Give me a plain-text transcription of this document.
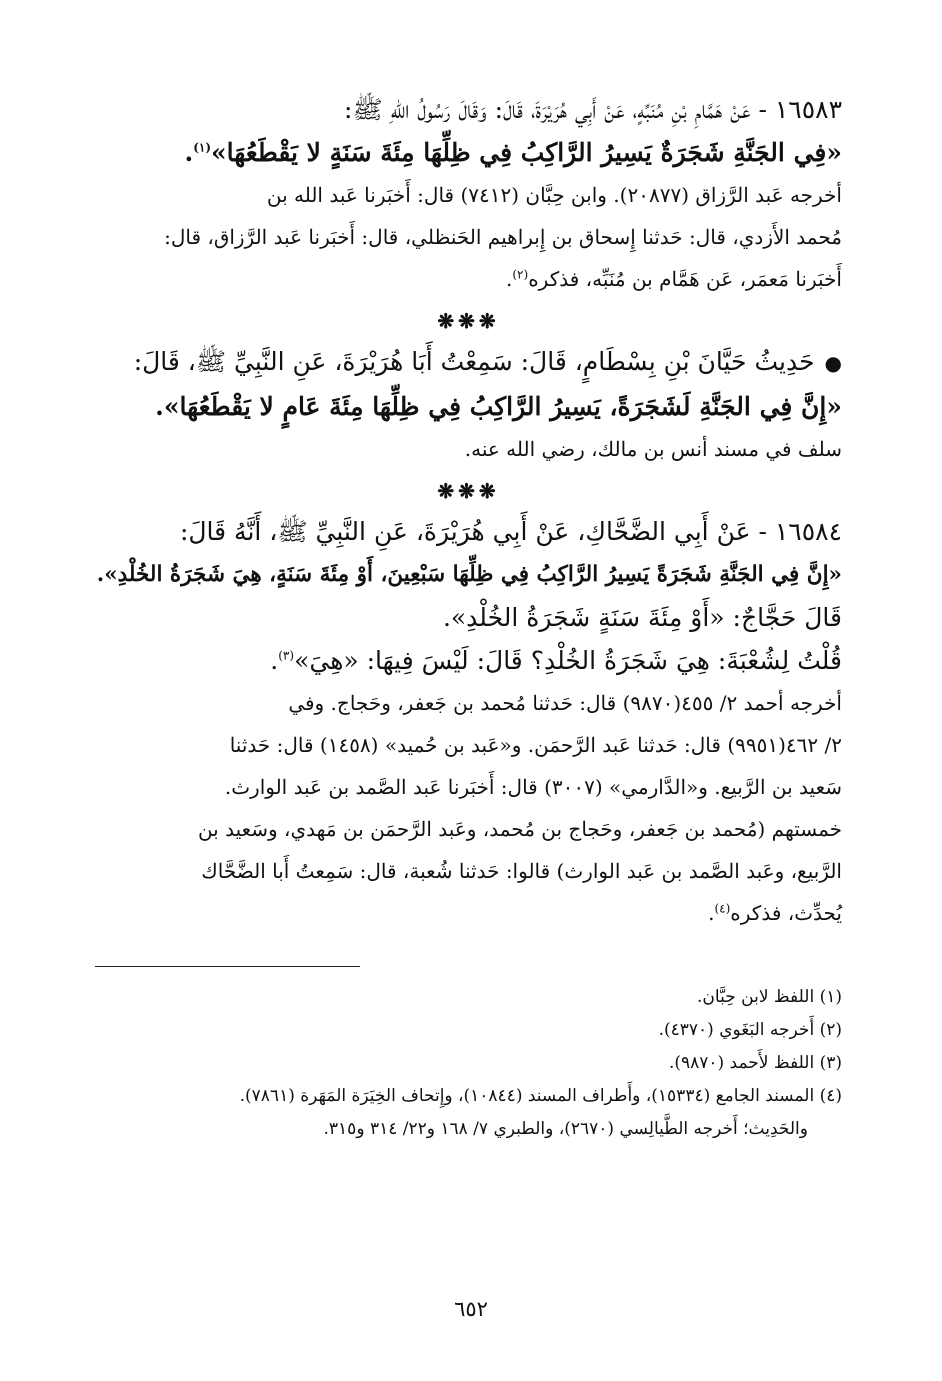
١٦٥٨٣ - عَنْ هَمَّامِ بْنِ مُنَبِّهٍ، عَنْ أَبِي هُرَيْرَةَ، قَالَ: وَقَالَ رَسُولُ اللهِ ﷺ:
«فِي الجَنَّةِ شَجَرَةٌ يَسِيرُ الرَّاكِبُ فِي ظِلِّهَا مِئَةَ سَنَةٍ لا يَقْطَعُهَا»$^{(١)}$.

أخرجه عَبد الرَّزاق (٢٠٨٧٧). وابن حِبَّان (٧٤١٢) قال: أَخبَرنا عَبد الله بن
مُحمد الأَزدي، قال: حَدثنا إِسحاق بن إِبراهيم الحَنظلي، قال: أَخبَرنا عَبد الرَّزاق، قال:
أَخبَرنا مَعمَر، عَن هَمَّام بن مُنَبِّه، فذكره$^{(٢)}$.

❋❋❋

●حَدِيثُ حَيَّانَ بْنِ بِسْطَامٍ، قَالَ: سَمِعْتُ أَبَا هُرَيْرَةَ، عَنِ النَّبِيِّ ﷺ، قَالَ:
«إِنَّ فِي الجَنَّةِ لَشَجَرَةً، يَسِيرُ الرَّاكِبُ فِي ظِلِّهَا مِئَةَ عَامٍ لا يَقْطَعُهَا».

سلف في مسند أنس بن مالك، رضي الله عنه.

❋❋❋

١٦٥٨٤ - عَنْ أَبِي الضَّحَّاكِ، عَنْ أَبِي هُرَيْرَةَ، عَنِ النَّبِيِّ ﷺ، أَنَّهُ قَالَ:
«إِنَّ فِي الجَنَّةِ شَجَرَةً يَسِيرُ الرَّاكِبُ فِي ظِلِّهَا سَبْعِينَ، أَوْ مِئَةَ سَنَةٍ، هِيَ شَجَرَةُ الخُلْدِ».
قَالَ حَجَّاجٌ: «أَوْ مِئَةَ سَنَةٍ شَجَرَةُ الخُلْدِ».
قُلْتُ لِشُعْبَةَ: هِيَ شَجَرَةُ الخُلْدِ؟ قَالَ: لَيْسَ فِيهَا: «هِيَ»$^{(٣)}$.

أخرجه أحمد ٢/ ٤٥٥(٩٨٧٠) قال: حَدثنا مُحمد بن جَعفر، وحَجاج. وفي
٢/ ٤٦٢(٩٩٥١) قال: حَدثنا عَبد الرَّحمَن. و«عَبد بن حُميد» (١٤٥٨) قال: حَدثنا
سَعيد بن الرَّبيع. و«الدَّارمي» (٣٠٠٧) قال: أَخبَرنا عَبد الصَّمد بن عَبد الوارث.

خمستهم (مُحمد بن جَعفر، وحَجاج بن مُحمد، وعَبد الرَّحمَن بن مَهدي، وسَعيد بن
الرَّبيع، وعَبد الصَّمد بن عَبد الوارث) قالوا: حَدثنا شُعبة، قال: سَمِعتُ أَبا الضَّحَّاك
يُحدِّث، فذكره$^{(٤)}$.

(١) اللفظ لابن حِبَّان.
(٢) أَخرجه البَغَوي (٤٣٧٠).
(٣) اللفظ لأَحمد (٩٨٧٠).
(٤) المسند الجامع (١٥٣٣٤)، وأَطراف المسند (١٠٨٤٤)، وإِتحاف الخِيَرَة المَهَرة (٧٨٦١).
والحَدِيث؛ أَخرجه الطَّيالِسي (٢٦٧٠)، والطبري ٧/ ١٦٨ و٢٢/ ٣١٤ و٣١٥.
٦٥٢
